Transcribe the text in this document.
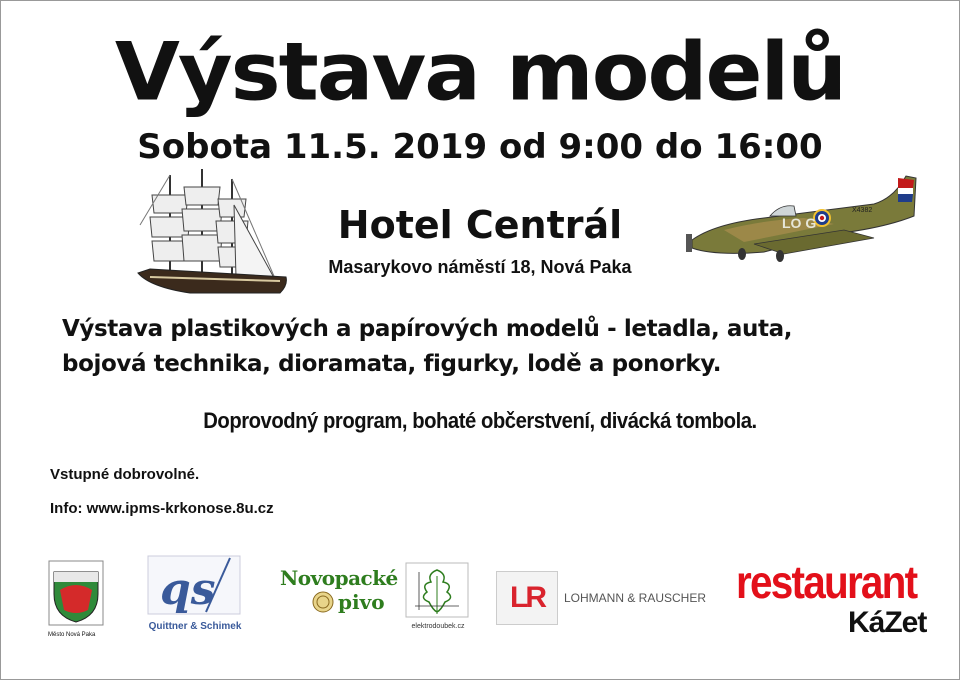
Výstava modelů
Sobota 11.5. 2019 od 9:00 do 16:00
Hotel Centrál
Masarykovo náměstí 18, Nová Paka
LO G
X4382
Výstava plastikových a papírových modelů - letadla, auta,
bojová technika, dioramata, figurky, lodě a ponorky.
Doprovodný program, bohaté občerstvení, divácká tombola.
Vstupné dobrovolné.
Info: www.ipms-krkonose.8u.cz
Město Nová Paka
qs
Quittner & Schimek
Novopacké
pivo
elektrodoubek.cz
LR LOHMANN & RAUSCHER restaurant
KáZet
